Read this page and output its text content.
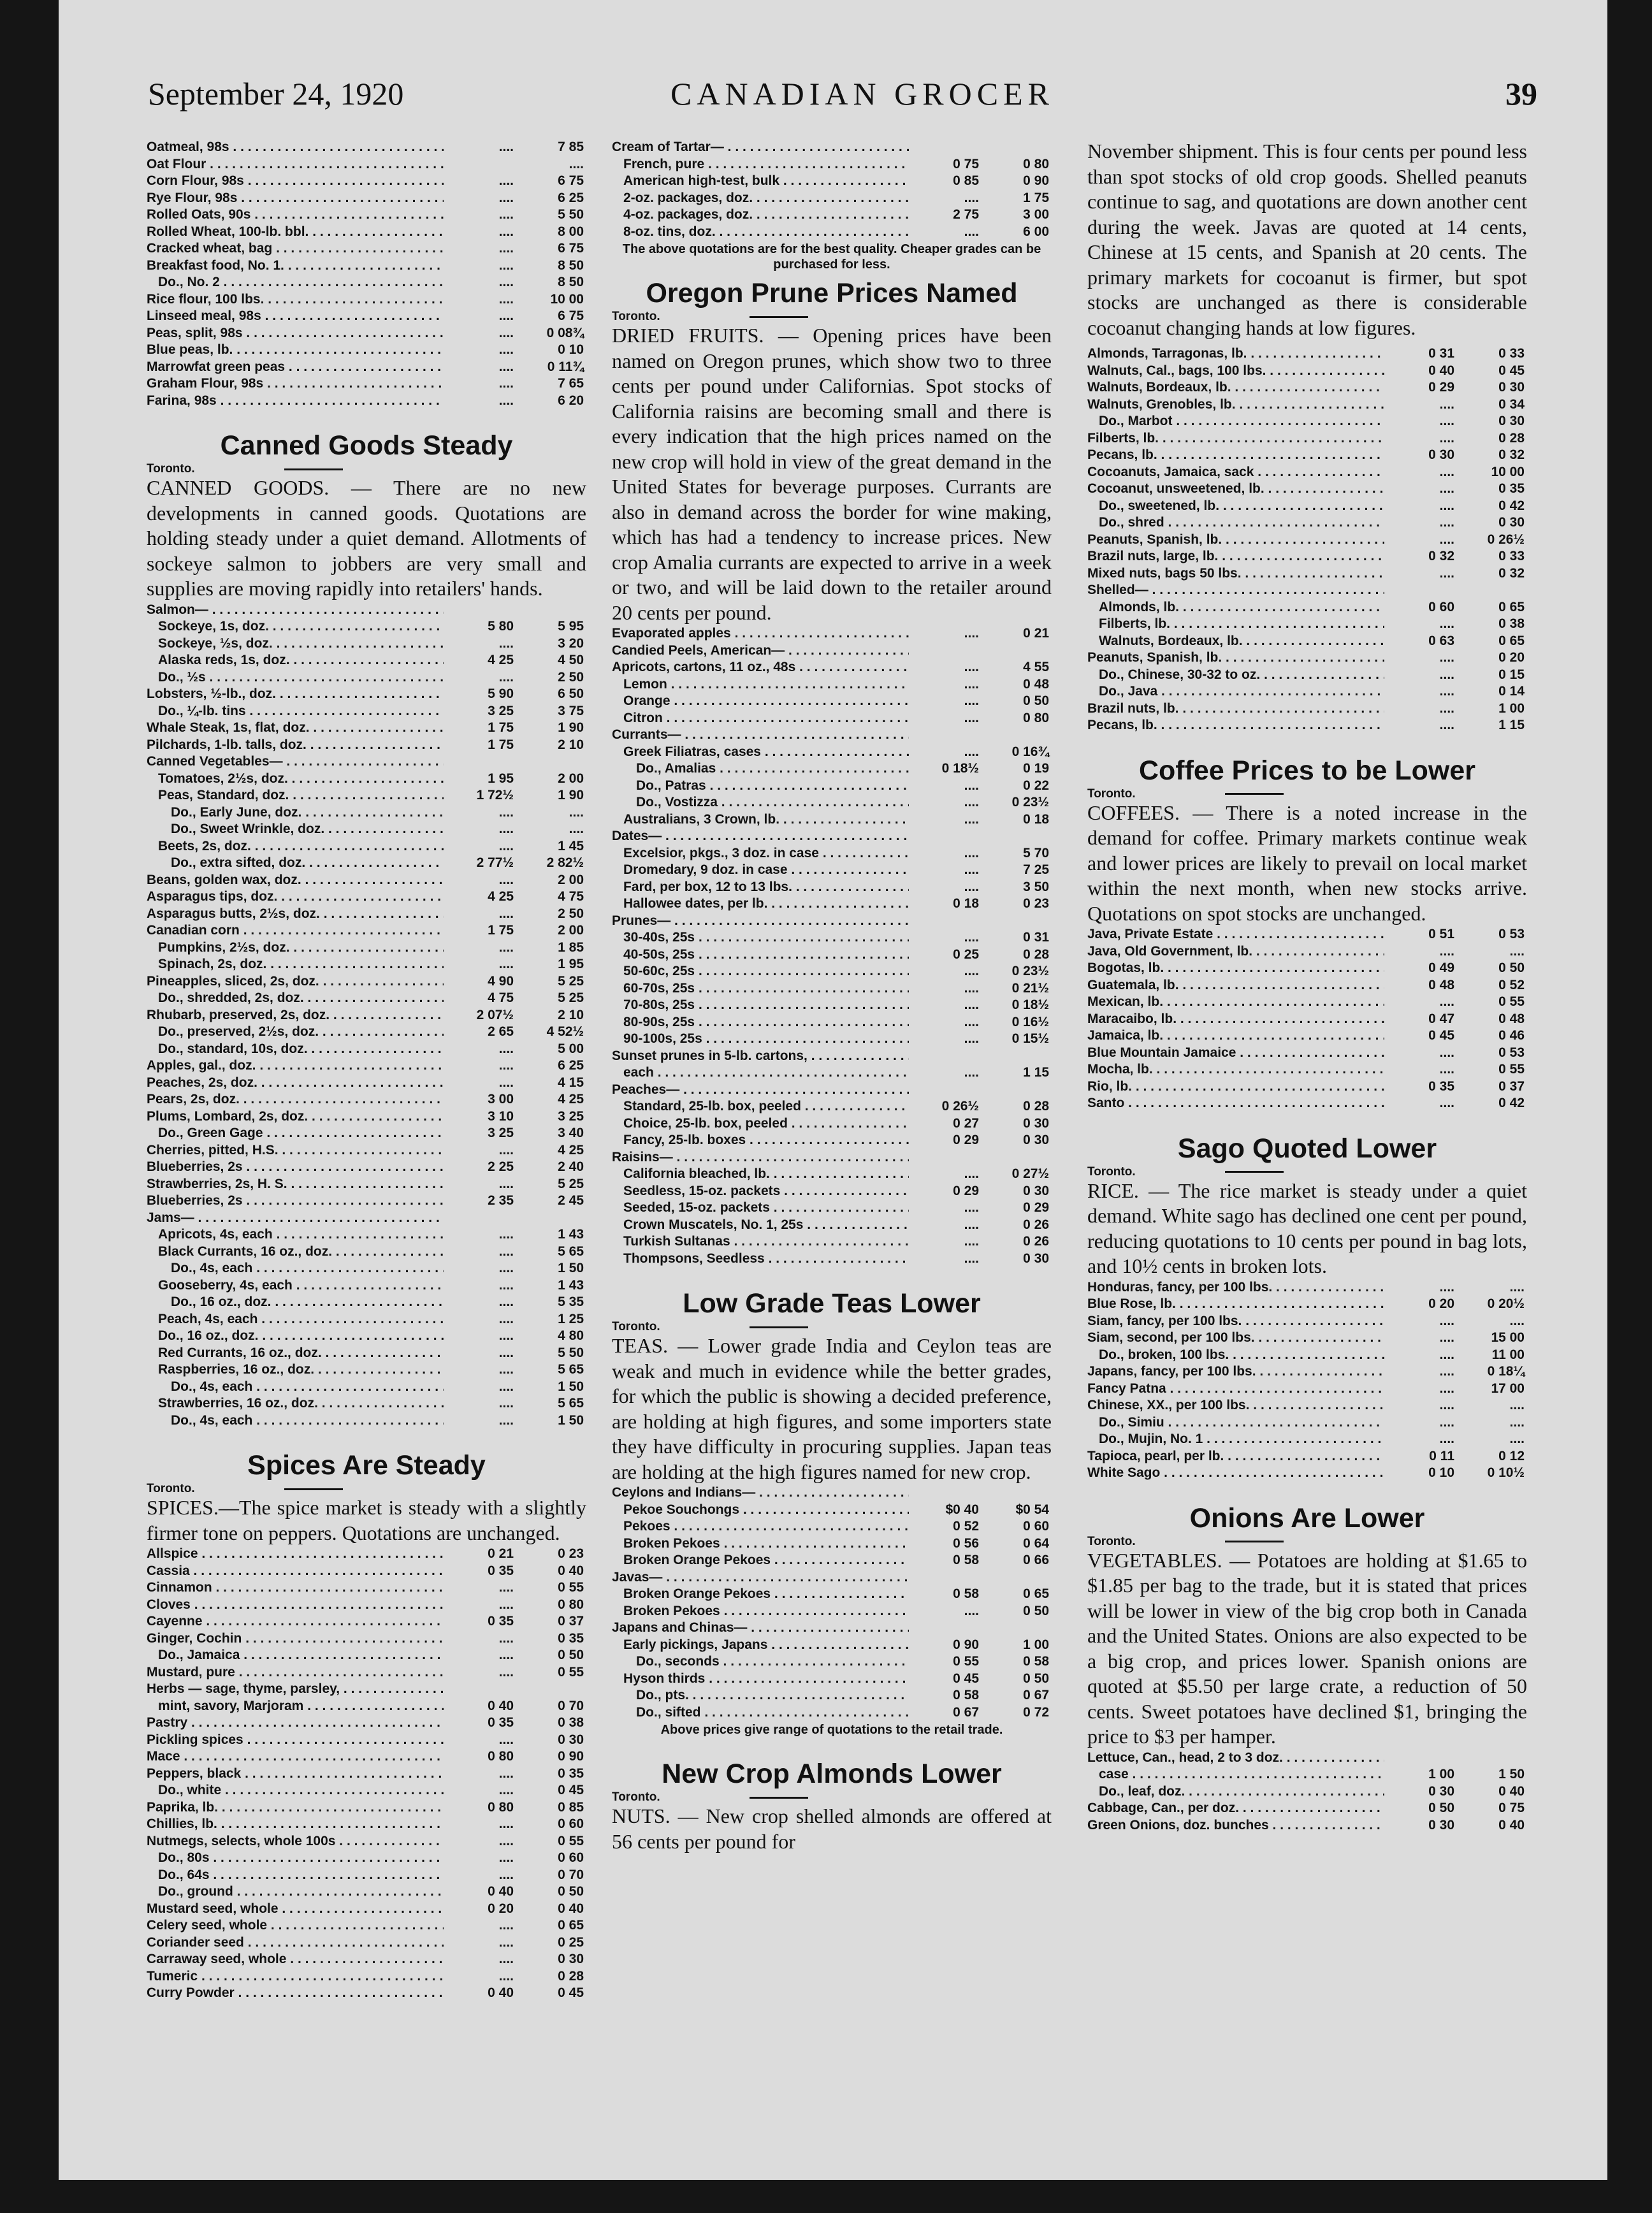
September 24, 1920	CANADIAN GROCER	39
Oatmeal, 98s . . .	....	7 85
Oat Flour . . .	....
Corn Flour, 98s . . .	....	6 75
Rye Flour, 98s . . .	....	6 25
Rolled Oats, 90s . . .	....	5 50
Rolled Wheat, 100-lb. bbl. . . .	....	8 00
Cracked wheat, bag . . .	....	6 75
Breakfast food, No. 1. . . .	....	8 50
Do., No. 2 . . .	....	8 50
Rice flour, 100 lbs. . . .	....	10 00
Linseed meal, 98s . . .	....	6 75
Peas, split, 98s . . .	....	0 08¾
Blue peas, lb. . . .	....	0 10
Marrowfat green peas . . .	....	0 11¾
Graham Flour, 98s . . .	....	7 65
Farina, 98s . . .	....	6 20
Canned Goods Steady
Toronto.

CANNED GOODS. — There are no new developments in canned goods. Quotations are holding steady under a quiet demand. Allotments of sockeye salmon to jobbers are very small and supplies are moving rapidly into retailers' hands.

Salmon— . . .
Sockeye, 1s, doz. . . .	5 80	5 95
Sockeye, ½s, doz. . . .	....	3 20
Alaska reds, 1s, doz. . . .	4 25	4 50
Do., ½s . . .	....	2 50
Lobsters, ½-lb., doz. . . .	5 90	6 50
Do., ¼-lb. tins . . .	3 25	3 75
Whale Steak, 1s, flat, doz. . . .	1 75	1 90
Pilchards, 1-lb. talls, doz. . . .	1 75	2 10
Canned Vegetables— . . .
Tomatoes, 2½s, doz. . . .	1 95	2 00
Peas, Standard, doz. . . .	1 72½	1 90
Do., Early June, doz. . . .	....	....
Do., Sweet Wrinkle, doz. . . .	....	....
Beets, 2s, doz. . . .	....	1 45
Do., extra sifted, doz. . . .	2 77½	2 82½
Beans, golden wax, doz. . . .	....	2 00
Asparagus tips, doz. . . .	4 25	4 75
Asparagus butts, 2½s, doz. . . .	....	2 50
Canadian corn . . .	1 75	2 00
Pumpkins, 2½s, doz. . . .	....	1 85
Spinach, 2s, doz. . . .	....	1 95
Pineapples, sliced, 2s, doz. . . .	4 90	5 25
Do., shredded, 2s, doz. . . .	4 75	5 25
Rhubarb, preserved, 2s, doz. . . .	2 07½	2 10
Do., preserved, 2½s, doz. . . .	2 65	4 52½
Do., standard, 10s, doz. . . .	....	5 00
Apples, gal., doz. . . .	....	6 25
Peaches, 2s, doz. . . .	....	4 15
Pears, 2s, doz. . . .	3 00	4 25
Plums, Lombard, 2s, doz. . . .	3 10	3 25
Do., Green Gage . . .	3 25	3 40
Cherries, pitted, H.S. . . .	....	4 25
Blueberries, 2s . . .	2 25	2 40
Strawberries, 2s, H. S. . . .	....	5 25
Blueberries, 2s . . .	2 35	2 45
Jams— . . .
Apricots, 4s, each . . .	....	1 43
Black Currants, 16 oz., doz. . . .	....	5 65
Do., 4s, each . . .	....	1 50
Gooseberry, 4s, each . . .	....	1 43
Do., 16 oz., doz. . . .	....	5 35
Peach, 4s, each . . .	....	1 25
Do., 16 oz., doz. . . .	....	4 80
Red Currants, 16 oz., doz. . . .	....	5 50
Raspberries, 16 oz., doz. . . .	....	5 65
Do., 4s, each . . .	....	1 50
Strawberries, 16 oz., doz. . . .	....	5 65
Do., 4s, each . . .	....	1 50
Spices Are Steady
Toronto.

SPICES.—The spice market is steady with a slightly firmer tone on peppers. Quotations are unchanged.

Allspice . . .	0 21	0 23
Cassia . . .	0 35	0 40
Cinnamon . . .	....	0 55
Cloves . . .	....	0 80
Cayenne . . .	0 35	0 37
Ginger, Cochin . . .	....	0 35
Do., Jamaica . . .	....	0 50
Mustard, pure . . .	....	0 55
Herbs — sage, thyme, parsley, . . .
mint, savory, Marjoram . . .	0 40	0 70
Pastry . . .	0 35	0 38
Pickling spices . . .	....	0 30
Mace . . .	0 80	0 90
Peppers, black . . .	....	0 35
Do., white . . .	....	0 45
Paprika, lb. . . .	0 80	0 85
Chillies, lb. . . .	....	0 60
Nutmegs, selects, whole 100s . . .	....	0 55
Do., 80s . . .	....	0 60
Do., 64s . . .	....	0 70
Do., ground . . .	0 40	0 50
Mustard seed, whole . . .	0 20	0 40
Celery seed, whole . . .	....	0 65
Coriander seed . . .	....	0 25
Carraway seed, whole . . .	....	0 30
Tumeric . . .	....	0 28
Curry Powder . . .	0 40	0 45
Cream of Tartar— . . .
French, pure . . .	0 75	0 80
American high-test, bulk . . .	0 85	0 90
2-oz. packages, doz. . . .	....	1 75
4-oz. packages, doz. . . .	2 75	3 00
8-oz. tins, doz. . . .	....	6 00
The above quotations are for the best quality. Cheaper grades can be purchased for less.
Oregon Prune Prices Named
Toronto.

DRIED FRUITS. — Opening prices have been named on Oregon prunes, which show two to three cents per pound under Californias. Spot stocks of California raisins are becoming small and there is every indication that the high prices named on the new crop will hold in view of the great demand in the United States for beverage purposes. Currants are also in demand across the border for wine making, which has had a tendency to increase prices. New crop Amalia currants are expected to arrive in a week or two, and will be laid down to the retailer around 20 cents per pound.

Evaporated apples . . .	....	0 21
Candied Peels, American— . . .
Apricots, cartons, 11 oz., 48s . . .	....	4 55
Lemon . . .	....	0 48
Orange . . .	....	0 50
Citron . . .	....	0 80
Currants— . . .
Greek Filiatras, cases . . .	....	0 16¾
Do., Amalias . . .	0 18½	0 19
Do., Patras . . .	....	0 22
Do., Vostizza . . .	....	0 23½
Australians, 3 Crown, lb. . . .	....	0 18
Dates— . . .
Excelsior, pkgs., 3 doz. in case . . .	....	5 70
Dromedary, 9 doz. in case . . .	....	7 25
Fard, per box, 12 to 13 lbs. . . .	....	3 50
Hallowee dates, per lb. . . .	0 18	0 23
Prunes— . . .
30-40s, 25s . . .	....	0 31
40-50s, 25s . . .	0 25	0 28
50-60c, 25s . . .	....	0 23½
60-70s, 25s . . .	....	0 21½
70-80s, 25s . . .	....	0 18½
80-90s, 25s . . .	....	0 16½
90-100s, 25s . . .	....	0 15½
Sunset prunes in 5-lb. cartons, . . .
each . . .	....	1 15
Peaches— . . .
Standard, 25-lb. box, peeled . . .	0 26½	0 28
Choice, 25-lb. box, peeled . . .	0 27	0 30
Fancy, 25-lb. boxes . . .	0 29	0 30
Raisins— . . .
California bleached, lb. . . .	....	0 27½
Seedless, 15-oz. packets . . .	0 29	0 30
Seeded, 15-oz. packets . . .	....	0 29
Crown Muscatels, No. 1, 25s . . .	....	0 26
Turkish Sultanas . . .	....	0 26
Thompsons, Seedless . . .	....	0 30
Low Grade Teas Lower
Toronto.

TEAS. — Lower grade India and Ceylon teas are weak and much in evidence while the better grades, for which the public is showing a decided preference, are holding at high figures, and some importers state they have difficulty in procuring supplies. Japan teas are holding at the high figures named for new crop.

Ceylons and Indians— . . .
Pekoe Souchongs . . .	$0 40	$0 54
Pekoes . . .	0 52	0 60
Broken Pekoes . . .	0 56	0 64
Broken Orange Pekoes . . .	0 58	0 66
Javas— . . .
Broken Orange Pekoes . . .	0 58	0 65
Broken Pekoes . . .	....	0 50
Japans and Chinas— . . .
Early pickings, Japans . . .	0 90	1 00
Do., seconds . . .	0 55	0 58
Hyson thirds . . .	0 45	0 50
Do., pts. . . .	0 58	0 67
Do., sifted . . .	0 67	0 72
Above prices give range of quotations to the retail trade.
New Crop Almonds Lower
Toronto.

NUTS. — New crop shelled almonds are offered at 56 cents per pound for

November shipment. This is four cents per pound less than spot stocks of old crop goods. Shelled peanuts continue to sag, and quotations are down another cent during the week. Javas are quoted at 14 cents, Chinese at 15 cents, and Spanish at 20 cents. The primary markets for cocoanut is firmer, but spot stocks are unchanged as there is considerable cocoanut changing hands at low figures.

Almonds, Tarragonas, lb. . . .	0 31	0 33
Walnuts, Cal., bags, 100 lbs. . . .	0 40	0 45
Walnuts, Bordeaux, lb. . . .	0 29	0 30
Walnuts, Grenobles, lb. . . .	....	0 34
Do., Marbot . . .	....	0 30
Filberts, lb. . . .	....	0 28
Pecans, lb. . . .	0 30	0 32
Cocoanuts, Jamaica, sack . . .	....	10 00
Cocoanut, unsweetened, lb. . . .	....	0 35
Do., sweetened, lb. . . .	....	0 42
Do., shred . . .	....	0 30
Peanuts, Spanish, lb. . . .	....	0 26½
Brazil nuts, large, lb. . . .	0 32	0 33
Mixed nuts, bags 50 lbs. . . .	....	0 32
Shelled— . . .
Almonds, lb. . . .	0 60	0 65
Filberts, lb. . . .	....	0 38
Walnuts, Bordeaux, lb. . . .	0 63	0 65
Peanuts, Spanish, lb. . . .	....	0 20
Do., Chinese, 30-32 to oz. . . .	....	0 15
Do., Java . . .	....	0 14
Brazil nuts, lb. . . .	....	1 00
Pecans, lb. . . .	....	1 15
Coffee Prices to be Lower
Toronto.

COFFEES. — There is a noted increase in the demand for coffee. Primary markets continue weak and lower prices are likely to prevail on local market within the next month, when new stocks arrive. Quotations on spot stocks are unchanged.

Java, Private Estate . . .	0 51	0 53
Java, Old Government, lb. . . .	....	....
Bogotas, lb. . . .	0 49	0 50
Guatemala, lb. . . .	0 48	0 52
Mexican, lb. . . .	....	0 55
Maracaibo, lb. . . .	0 47	0 48
Jamaica, lb. . . .	0 45	0 46
Blue Mountain Jamaice . . .	....	0 53
Mocha, lb. . . .	....	0 55
Rio, lb. . . .	0 35	0 37
Santo . . .	....	0 42
Sago Quoted Lower
Toronto.

RICE. — The rice market is steady under a quiet demand. White sago has declined one cent per pound, reducing quotations to 10 cents per pound in bag lots, and 10½ cents in broken lots.

Honduras, fancy, per 100 lbs. . . .	....	....
Blue Rose, lb. . . .	0 20	0 20½
Siam, fancy, per 100 lbs. . . .	....	....
Siam, second, per 100 lbs. . . .	....	15 00
Do., broken, 100 lbs. . . .	....	11 00
Japans, fancy, per 100 lbs. . . .	....	0 18¼
Fancy Patna . . .	....	17 00
Chinese, XX., per 100 lbs. . . .	....	....
Do., Simiu . . .	....	....
Do., Mujin, No. 1 . . .	....	....
Tapioca, pearl, per lb. . . .	0 11	0 12
White Sago . . .	0 10	0 10½
Onions Are Lower
Toronto.

VEGETABLES. — Potatoes are holding at $1.65 to $1.85 per bag to the trade, but it is stated that prices will be lower in view of the big crop both in Canada and the United States. Onions are also expected to be a big crop, and prices lower. Spanish onions are quoted at $5.50 per large crate, a reduction of 50 cents. Sweet potatoes have declined $1, bringing the price to $3 per hamper.

Lettuce, Can., head, 2 to 3 doz. . . .
case . . .	1 00	1 50
Do., leaf, doz. . . .	0 30	0 40
Cabbage, Can., per doz. . . .	0 50	0 75
Green Onions, doz. bunches . . .	0 30	0 40
